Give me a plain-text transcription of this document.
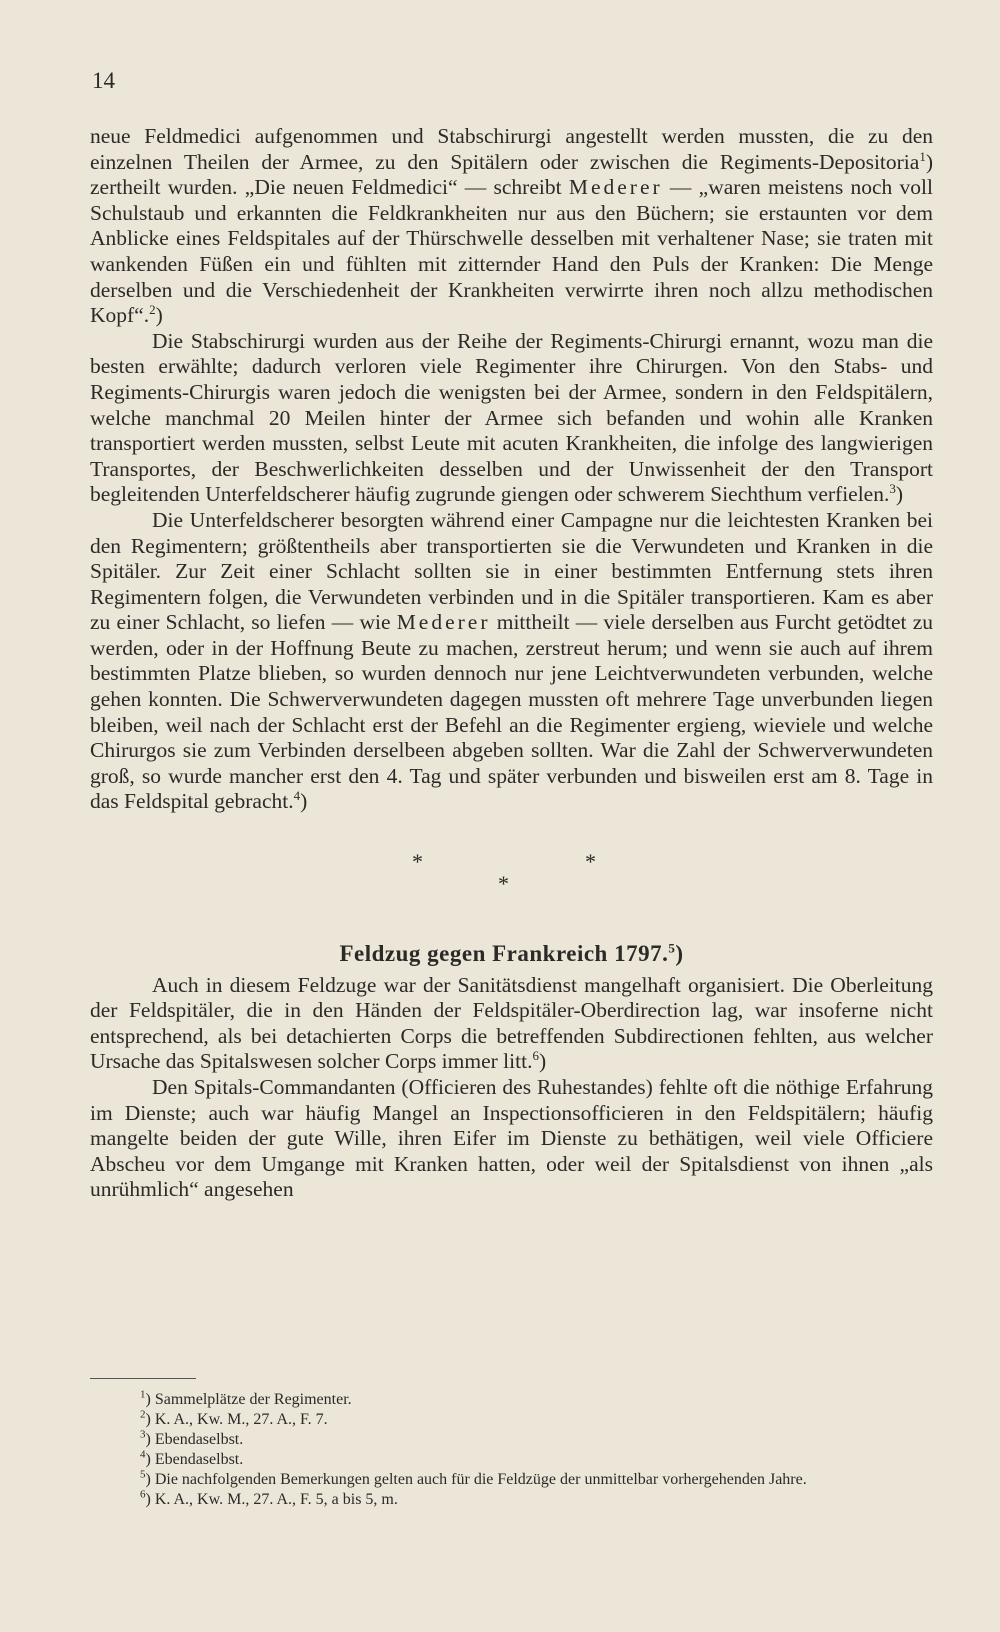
14

neue Feldmedici aufgenommen und Stabschirurgi angestellt werden mussten, die zu den einzelnen Theilen der Armee, zu den Spitälern oder zwischen die Regiments-Depositoria$^1$) zertheilt wurden. „Die neuen Feldmedici“ — schreibt Mederer — „waren meistens noch voll Schulstaub und erkannten die Feldkrankheiten nur aus den Büchern; sie erstaunten vor dem Anblicke eines Feldspitales auf der Thürschwelle desselben mit verhaltener Nase; sie traten mit wankenden Füßen ein und fühlten mit zitternder Hand den Puls der Kranken: Die Menge derselben und die Verschiedenheit der Krankheiten verwirrte ihren noch allzu methodischen Kopf“.$^2$)

Die Stabschirurgi wurden aus der Reihe der Regiments-Chirurgi ernannt, wozu man die besten erwählte; dadurch verloren viele Regimenter ihre Chirurgen. Von den Stabs- und Regiments-Chirurgis waren jedoch die wenigsten bei der Armee, sondern in den Feldspitälern, welche manchmal 20 Meilen hinter der Armee sich befanden und wohin alle Kranken transportiert werden mussten, selbst Leute mit acuten Krankheiten, die infolge des langwierigen Transportes, der Beschwerlichkeiten desselben und der Unwissenheit der den Transport begleitenden Unterfeldscherer häufig zugrunde giengen oder schwerem Siechthum verfielen.$^3$)

Die Unterfeldscherer besorgten während einer Campagne nur die leichtesten Kranken bei den Regimentern; größtentheils aber transportierten sie die Verwundeten und Kranken in die Spitäler. Zur Zeit einer Schlacht sollten sie in einer bestimmten Entfernung stets ihren Regimentern folgen, die Verwundeten verbinden und in die Spitäler transportieren. Kam es aber zu einer Schlacht, so liefen — wie Mederer mittheilt — viele derselben aus Furcht getödtet zu werden, oder in der Hoffnung Beute zu machen, zerstreut herum; und wenn sie auch auf ihrem bestimmten Platze blieben, so wurden dennoch nur jene Leichtverwundeten verbunden, welche gehen konnten. Die Schwerverwundeten dagegen mussten oft mehrere Tage unverbunden liegen bleiben, weil nach der Schlacht erst der Befehl an die Regimenter ergieng, wieviele und welche Chirurgos sie zum Verbinden derselbeen abgeben sollten. War die Zahl der Schwerverwundeten groß, so wurde mancher erst den 4. Tag und später verbunden und bisweilen erst am 8. Tage in das Feldspital gebracht.$^4$)

*	*
*
Feldzug gegen Frankreich 1797.$^5$)

Auch in diesem Feldzuge war der Sanitätsdienst mangelhaft organisiert. Die Oberleitung der Feldspitäler, die in den Händen der Feldspitäler-Oberdirection lag, war insoferne nicht entsprechend, als bei detachierten Corps die betreffenden Subdirectionen fehlten, aus welcher Ursache das Spitalswesen solcher Corps immer litt.$^6$)

Den Spitals-Commandanten (Officieren des Ruhestandes) fehlte oft die nöthige Erfahrung im Dienste; auch war häufig Mangel an Inspectionsofficieren in den Feldspitälern; häufig mangelte beiden der gute Wille, ihren Eifer im Dienste zu bethätigen, weil viele Officiere Abscheu vor dem Umgange mit Kranken hatten, oder weil der Spitalsdienst von ihnen „als unrühmlich“ angesehen

$^1$) Sammelplätze der Regimenter.

$^2$) K. A., Kw. M., 27. A., F. 7.

$^3$) Ebendaselbst.

$^4$) Ebendaselbst.

$^5$) Die nachfolgenden Bemerkungen gelten auch für die Feldzüge der unmittelbar vorhergehenden Jahre.

$^6$) K. A., Kw. M., 27. A., F. 5, a bis 5, m.
